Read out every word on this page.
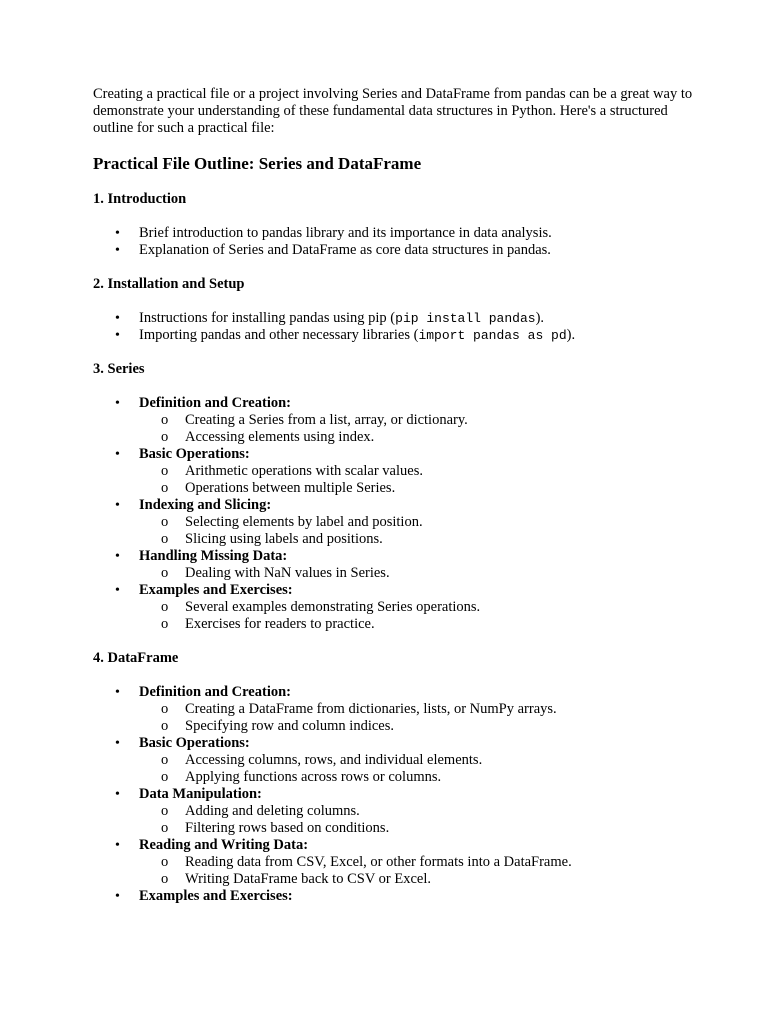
Creating a practical file or a project involving Series and DataFrame from pandas can be a great way to demonstrate your understanding of these fundamental data structures in Python. Here's a structured outline for such a practical file:

Practical File Outline: Series and DataFrame
1. Introduction
• Brief introduction to pandas library and its importance in data analysis.
• Explanation of Series and DataFrame as core data structures in pandas.
2. Installation and Setup
• Instructions for installing pandas using pip (pip install pandas).
• Importing pandas and other necessary libraries (import pandas as pd).
3. Series
• Definition and Creation:
o Creating a Series from a list, array, or dictionary.
o Accessing elements using index.
• Basic Operations:
o Arithmetic operations with scalar values.
o Operations between multiple Series.
• Indexing and Slicing:
o Selecting elements by label and position.
o Slicing using labels and positions.
• Handling Missing Data:
o Dealing with NaN values in Series.
• Examples and Exercises:
o Several examples demonstrating Series operations.
o Exercises for readers to practice.
4. DataFrame
• Definition and Creation:
o Creating a DataFrame from dictionaries, lists, or NumPy arrays.
o Specifying row and column indices.
• Basic Operations:
o Accessing columns, rows, and individual elements.
o Applying functions across rows or columns.
• Data Manipulation:
o Adding and deleting columns.
o Filtering rows based on conditions.
• Reading and Writing Data:
o Reading data from CSV, Excel, or other formats into a DataFrame.
o Writing DataFrame back to CSV or Excel.
• Examples and Exercises:
